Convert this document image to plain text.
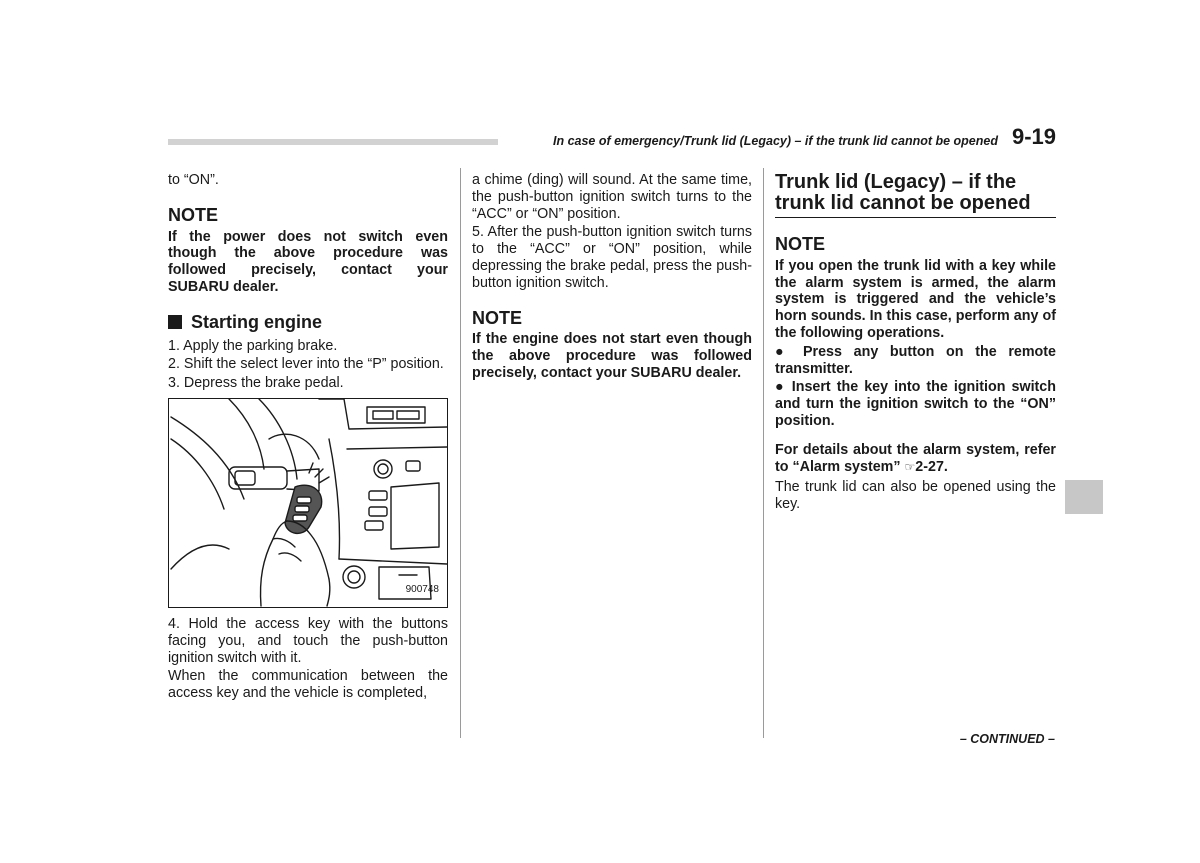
In case of emergency/Trunk lid (Legacy) – if the trunk lid cannot be opened 9-19

to “ON”.

NOTE

If the power does not switch even though the above procedure was followed precisely, contact your SUBARU dealer.

Starting engine

1. Apply the parking brake.

2. Shift the select lever into the “P” position.

3. Depress the brake pedal.

900748

4. Hold the access key with the buttons facing you, and touch the push-button ignition switch with it.

When the communication between the access key and the vehicle is completed,

a chime (ding) will sound. At the same time, the push-button ignition switch turns to the “ACC” or “ON” position.

5. After the push-button ignition switch turns to the “ACC” or “ON” position, while depressing the brake pedal, press the push-button ignition switch.

NOTE

If the engine does not start even though the above procedure was followed precisely, contact your SUBARU dealer.

Trunk lid (Legacy) – if the trunk lid cannot be opened
NOTE

If you open the trunk lid with a key while the alarm system is armed, the alarm system is triggered and the vehicle’s horn sounds. In this case, perform any of the following operations.

● Press any button on the remote transmitter.

● Insert the key into the ignition switch and turn the ignition switch to the “ON” position.

For details about the alarm system, refer to “Alarm system” ☞2-27.

The trunk lid can also be opened using the key.

– CONTINUED –
